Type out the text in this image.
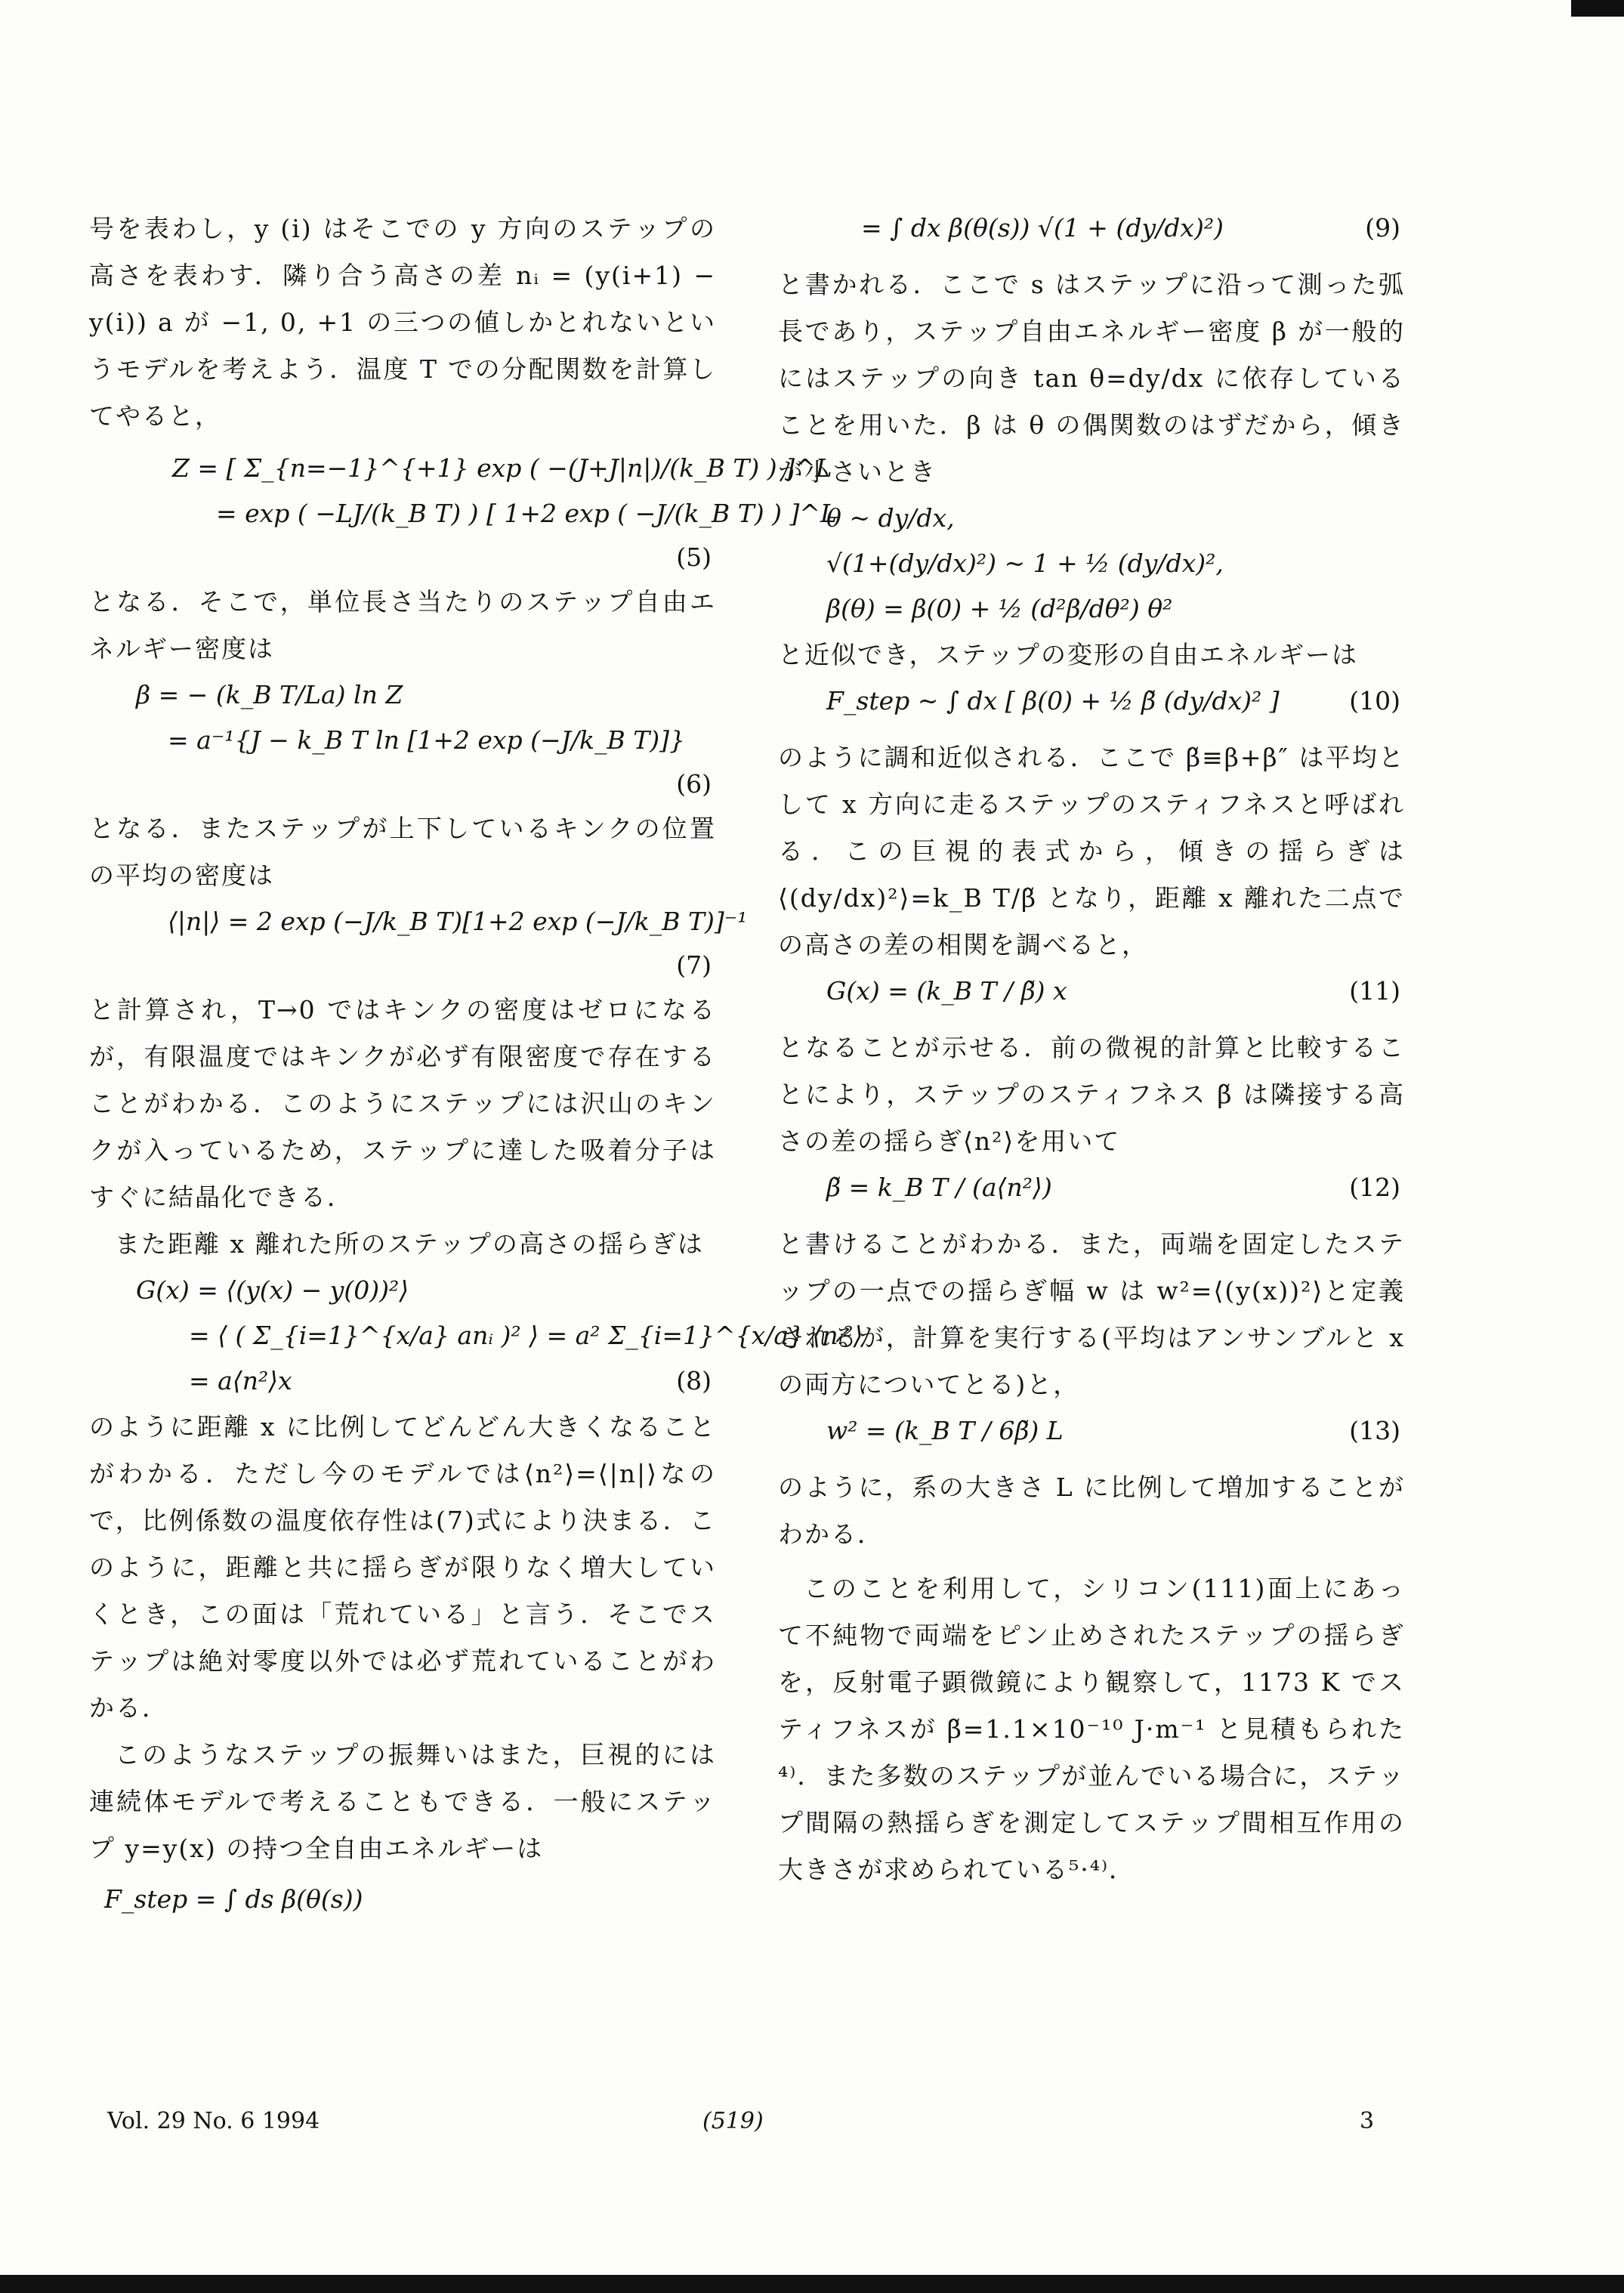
号を表わし，y (i) はそこでの y 方向のステップの高さを表わす．隣り合う高さの差 nᵢ = (y(i+1) − y(i)) a が −1, 0, +1 の三つの値しかとれないというモデルを考えよう．温度 T での分配関数を計算してやると，

Z = [ Σ_{n=−1}^{+1} exp ( −(J+J|n|)/(k_B T) ) ]^L
= exp ( −LJ/(k_B T) ) [ 1+2 exp ( −J/(k_B T) ) ]^L
(5)

となる．そこで，単位長さ当たりのステップ自由エネルギー密度は

β = − (k_B T/La) ln Z
= a⁻¹{J − k_B T ln [1+2 exp (−J/k_B T)]}
(6)

となる．またステップが上下しているキンクの位置の平均の密度は

⟨|n|⟩ = 2 exp (−J/k_B T)[1+2 exp (−J/k_B T)]⁻¹
(7)

と計算され，T→0 ではキンクの密度はゼロになるが，有限温度ではキンクが必ず有限密度で存在することがわかる．このようにステップには沢山のキンクが入っているため，ステップに達した吸着分子はすぐに結晶化できる．

また距離 x 離れた所のステップの高さの揺らぎは

G(x) = ⟨(y(x) − y(0))²⟩
= ⟨ ( Σ_{i=1}^{x/a} anᵢ )² ⟩ = a² Σ_{i=1}^{x/a} ⟨nᵢ²⟩
= a⟨n²⟩x	(8)

のように距離 x に比例してどんどん大きくなることがわかる．ただし今のモデルでは⟨n²⟩=⟨|n|⟩なので，比例係数の温度依存性は(7)式により決まる．このように，距離と共に揺らぎが限りなく増大していくとき，この面は「荒れている」と言う．そこでステップは絶対零度以外では必ず荒れていることがわかる．

このようなステップの振舞いはまた，巨視的には連続体モデルで考えることもできる．一般にステップ y=y(x) の持つ全自由エネルギーは

F_step = ∫ ds β(θ(s))
= ∫ dx β(θ(s)) √(1 + (dy/dx)²)	(9)

と書かれる．ここで s はステップに沿って測った弧長であり，ステップ自由エネルギー密度 β が一般的にはステップの向き tan θ=dy/dx に依存していることを用いた．β は θ の偶関数のはずだから，傾きが小さいとき

θ ~ dy/dx,
√(1+(dy/dx)²) ~ 1 + ½ (dy/dx)²,
β(θ) = β(0) + ½ (d²β/dθ²) θ²

と近似でき，ステップの変形の自由エネルギーは

F_step ~ ∫ dx [ β(0) + ½ β̃ (dy/dx)² ]	(10)

のように調和近似される．ここで β̃≡β+β″ は平均として x 方向に走るステップのスティフネスと呼ばれる．この巨視的表式から，傾きの揺らぎは ⟨(dy/dx)²⟩=k_B T/β̃ となり，距離 x 離れた二点での高さの差の相関を調べると，

G(x) = (k_B T / β̃) x	(11)

となることが示せる．前の微視的計算と比較することにより，ステップのスティフネス β̃ は隣接する高さの差の揺らぎ⟨n²⟩を用いて

β̃ = k_B T / (a⟨n²⟩)	(12)

と書けることがわかる．また，両端を固定したステップの一点での揺らぎ幅 w は w²=⟨(y(x))²⟩と定義されるが，計算を実行する(平均はアンサンブルと x の両方についてとる)と，

w² = (k_B T / 6β̃) L	(13)

のように，系の大きさ L に比例して増加することがわかる．

このことを利用して，シリコン(111)面上にあって不純物で両端をピン止めされたステップの揺らぎを，反射電子顕微鏡により観察して，1173 K でスティフネスが β̃=1.1×10⁻¹⁰ J·m⁻¹ と見積もられた⁴⁾．また多数のステップが並んでいる場合に，ステップ間隔の熱揺らぎを測定してステップ間相互作用の大きさが求められている⁵·⁴⁾．

Vol. 29 No. 6 1994	(519)	3
